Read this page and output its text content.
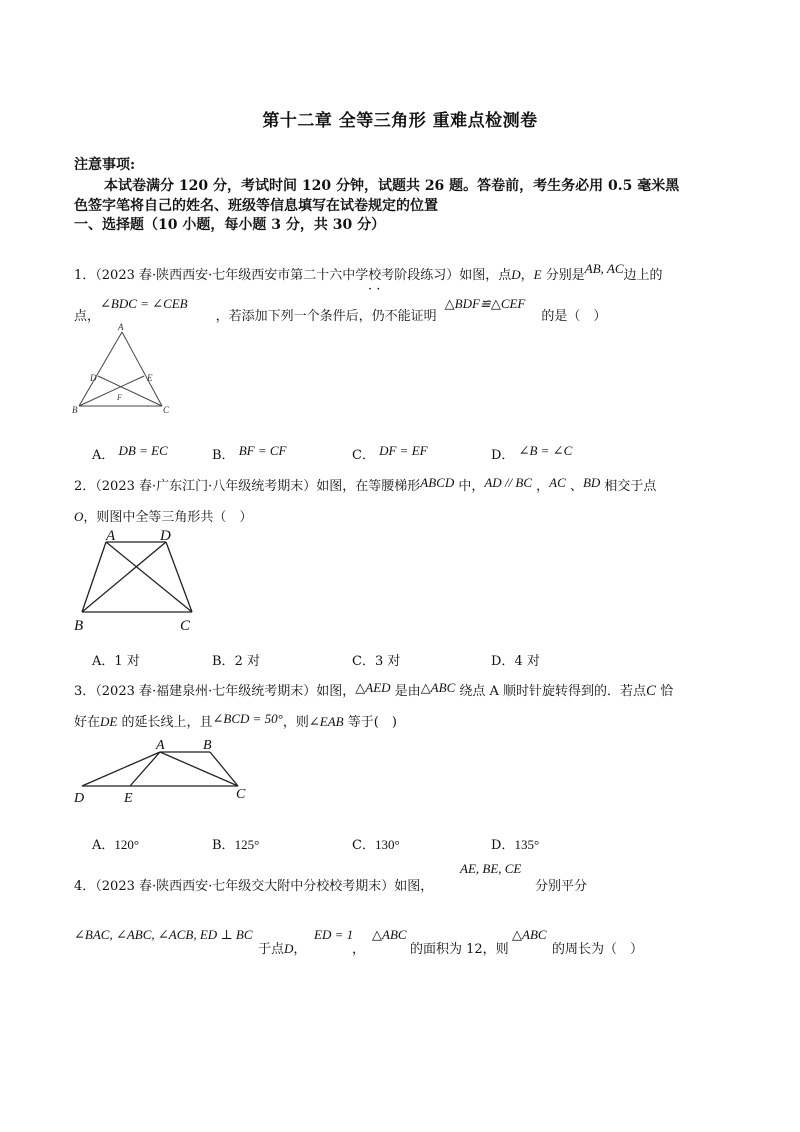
第十二章 全等三角形 重难点检测卷
注意事项:
本试卷满分 120 分，考试时间 120 分钟，试题共 26 题。答卷前，考生务必用 0.5 毫米黑
色签字笔将自己的姓名、班级等信息填写在试卷规定的位置
一、选择题（10 小题，每小题 3 分，共 30 分）
1．（2023 春·陕西西安·七年级西安市第二十六中学校考阶段练习）如图，点D，E 分别是AB, AC边上的
点，∠BDC = ∠CEB，若添加下列一个条件后，仍不能证明△BDF≌△CEF的是（　）
· ·
A
D	E
F
B	C
A． DB = EC	B． BF = CF	C． DF = EF	D． ∠B = ∠C
2．（2023 春·广东江门·八年级统考期末）如图，在等腰梯形ABCD 中，AD // BC ，AC 、BD 相交于点
O，则图中全等三角形共（　）
A	D
B	C
A．1 对	B．2 对	C．3 对	D．4 对
3．（2023 春·福建泉州·七年级统考期末）如图，△AED 是由△ABC 绕点 A 顺时针旋转得到的．若点C 恰
好在DE 的延长线上，且∠BCD = 50°，则∠EAB 等于(　)
A	B
D	E	C
A．120°	B．125°	C．130°	D．135°
4．（2023 春·陕西西安·七年级交大附中分校校考期末）如图，
AE, BE, CE
分别平分
∠BAC, ∠ABC, ∠ACB, ED ⊥ BC
于点D，
ED = 1
，
△ABC
的面积为 12，则
△ABC
的周长为（　）
